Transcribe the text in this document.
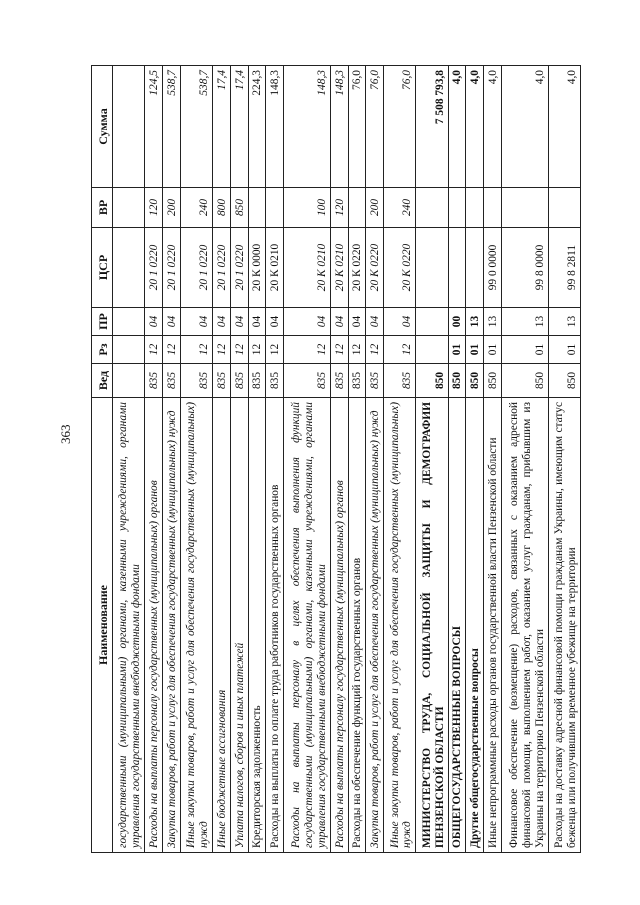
363
Наименование	Вед	Рз	ПР	ЦСР	ВР	Сумма
государственными (муниципальными) органами, казенными учреждениями, органами управления государственными внебюджетными фондами						
Расходы на выплаты персоналу государственных (муниципальных) органов	835	12	04	20 1 0220	120	124,5
Закупка товаров, работ и услуг для обеспечения государственных (муниципальных) нужд	835	12	04	20 1 0220	200	538,7
Иные закупки товаров, работ и услуг для обеспечения государственных (муниципальных) нужд	835	12	04	20 1 0220	240	538,7
Иные бюджетные ассигнования	835	12	04	20 1 0220	800	17,4
Уплата налогов, сборов и иных платежей	835	12	04	20 1 0220	850	17,4
Кредиторская задолженность	835	12	04	20 К 0000		224,3
Расходы на выплаты по оплате труда работников государственных органов	835	12	04	20 К 0210		148,3
Расходы на выплаты персоналу в целях обеспечения выполнения функций государственными (муниципальными) органами, казенными учреждениями, органами управления государственными внебюджетными фондами	835	12	04	20 К 0210	100	148,3
Расходы на выплаты персоналу государственных (муниципальных) органов	835	12	04	20 К 0210	120	148,3
Расходы на обеспечение функций государственных органов	835	12	04	20 К 0220		76,0
Закупка товаров, работ и услуг для обеспечения государственных (муниципальных) нужд	835	12	04	20 К 0220	200	76,0
Иные закупки товаров, работ и услуг для обеспечения государственных (муниципальных) нужд	835	12	04	20 К 0220	240	76,0
МИНИСТЕРСТВО ТРУДА, СОЦИАЛЬНОЙ ЗАЩИТЫ И ДЕМОГРАФИИ ПЕНЗЕНСКОЙ ОБЛАСТИ	850					7 508 793,8
ОБЩЕГОСУДАРСТВЕННЫЕ ВОПРОСЫ	850	01	00			4,0
Другие общегосударственные вопросы	850	01	13			4,0
Иные непрограммные расходы органов государственной власти Пензенской области	850	01	13	99 0 0000		4,0
Финансовое обеспечение (возмещение) расходов, связанных с оказанием адресной финансовой помощи, выполнением работ, оказанием услуг гражданам, прибывшим из Украины на территорию Пензенской области	850	01	13	99 8 0000		4,0
Расходы на доставку адресной финансовой помощи гражданам Украины, имеющим статус беженца или получившим временное убежище на территории	850	01	13	99 8 2811		4,0
